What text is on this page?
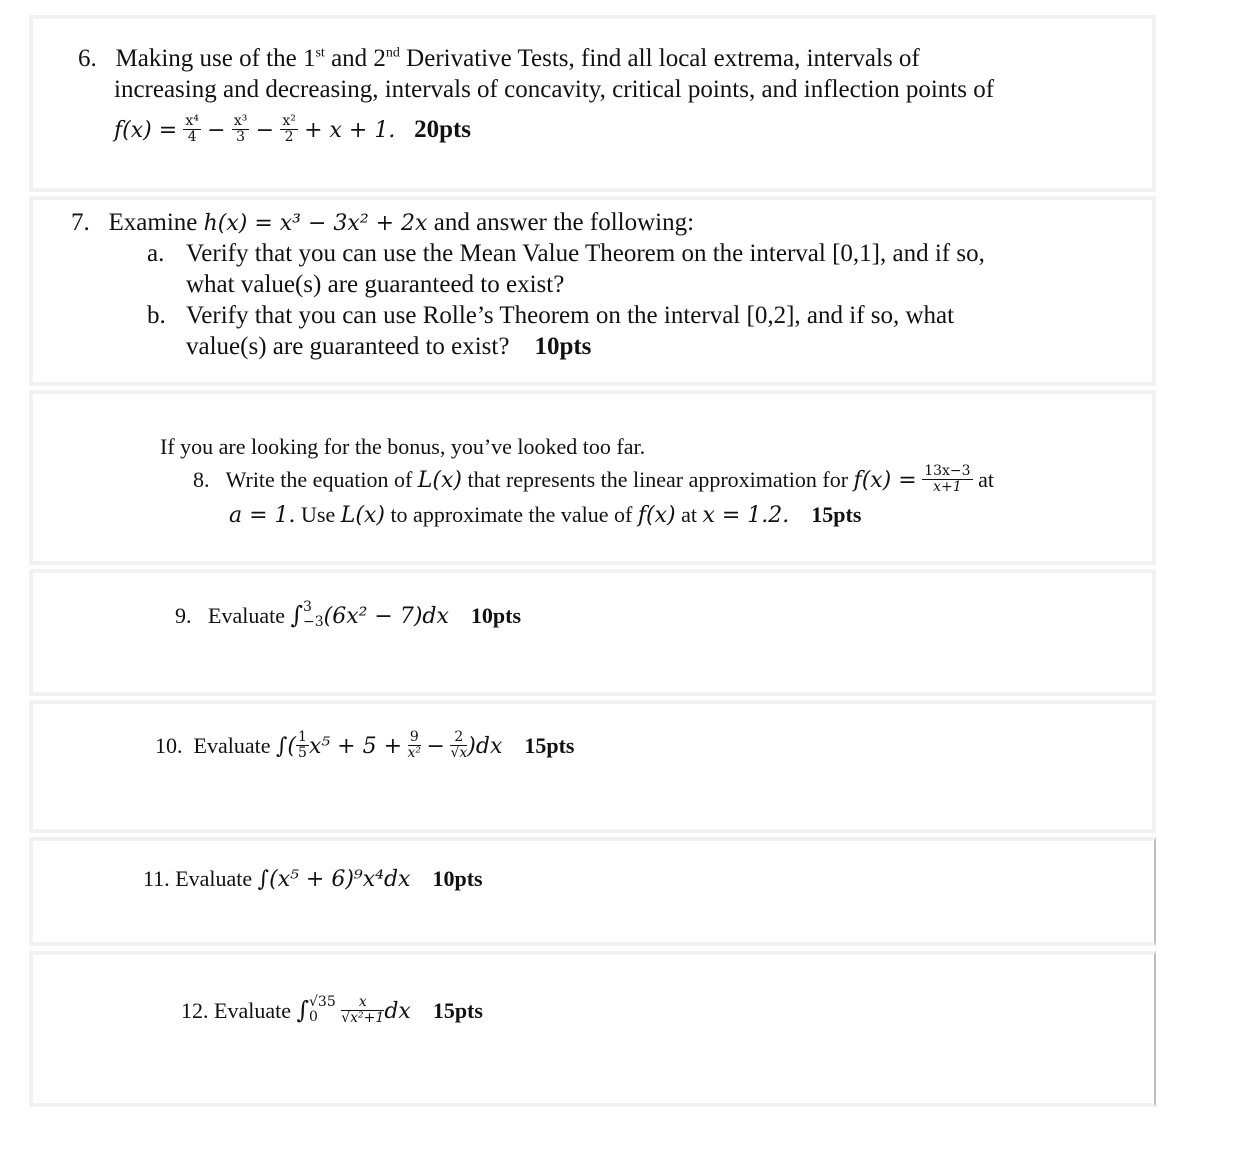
6. Making use of the 1st and 2nd Derivative Tests, find all local extrema, intervals of
increasing and decreasing, intervals of concavity, critical points, and inflection points of
$f(x) = \frac{\text{x⁴}}{4} - \frac{\text{x³}}{3} - \frac{\text{x²}}{2} + x + 1$. 20pts
7. Examine h(x) = x³ − 3x² + 2x and answer the following:
a. Verify that you can use the Mean Value Theorem on the interval [0,1], and if so,
what value(s) are guaranteed to exist?
b. Verify that you can use Rolle’s Theorem on the interval [0,2], and if so, what
value(s) are guaranteed to exist? 10pts
If you are looking for the bonus, you’ve looked too far.
8. Write the equation of L(x) that represents the linear approximation for $f(x) = \frac{13x-3}{x+1}$ at
a = 1. Use L(x) to approximate the value of f(x) at x = 1.2. 15pts
9. Evaluate ∫ 3
−3 (6x² − 7)dx 10pts
10. Evaluate ∫( $\frac{1}{5} x^5 + 5 + \frac{9}{\text{x²}} - \frac{2}{√x} )dx$ 15pts
11. Evaluate ∫(x⁵ + 6)⁹x⁴dx 10pts
12. Evaluate ∫ √35
0
	$\frac{x}{\text{√x²+1}}$ dx 15pts
